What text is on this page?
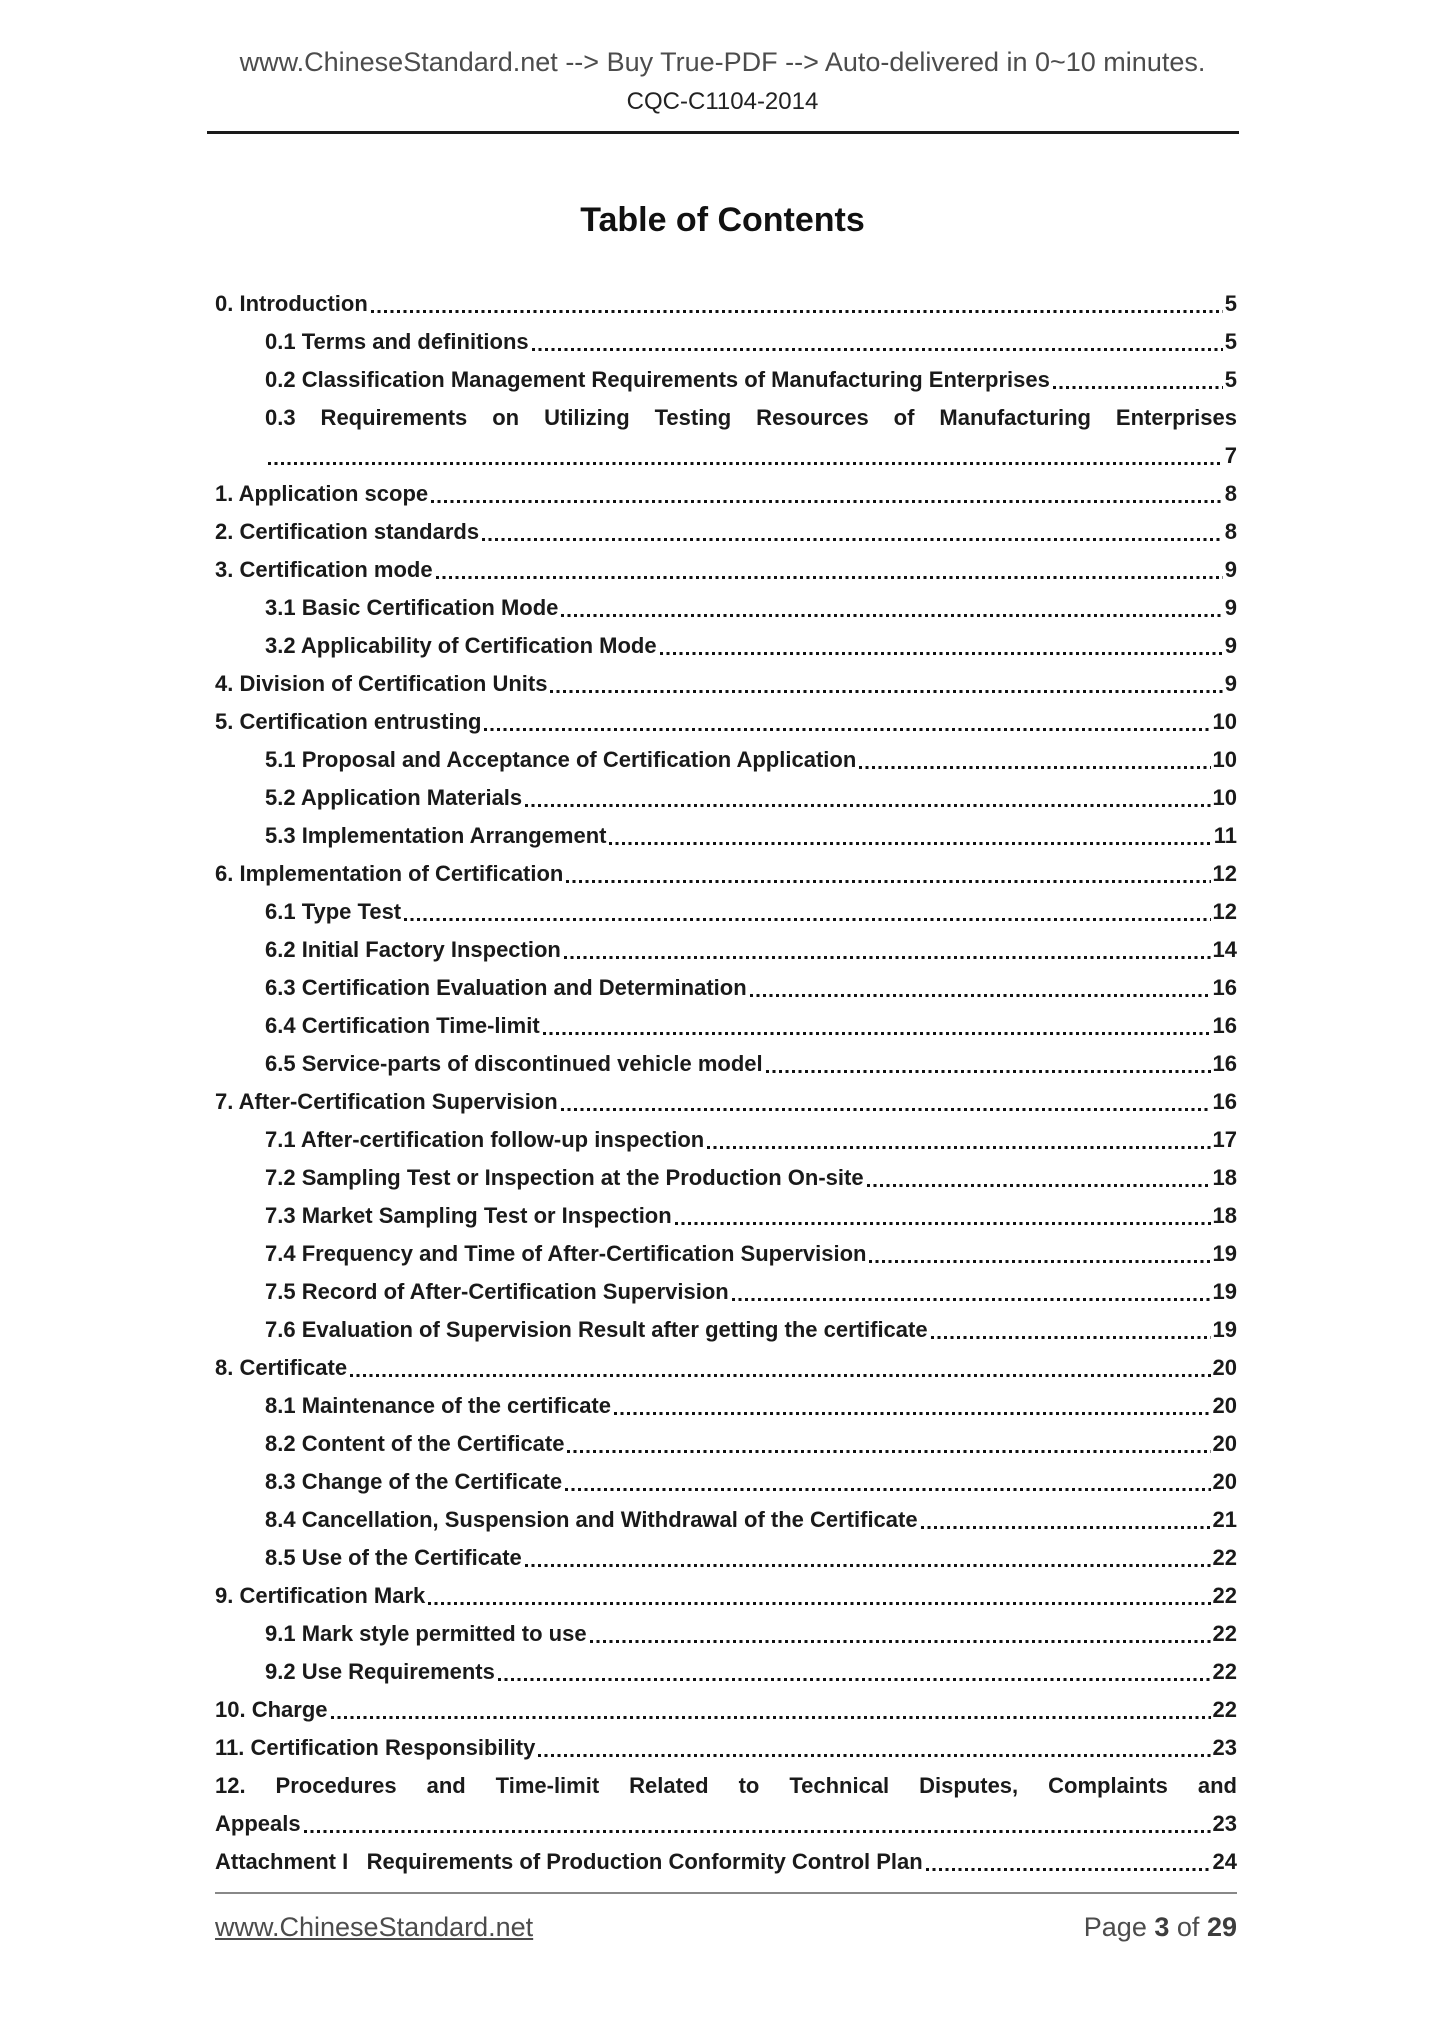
www.ChineseStandard.net --> Buy True-PDF --> Auto-delivered in 0~10 minutes.
CQC-C1104-2014
Table of Contents
0. Introduction	5
0.1 Terms and definitions	5
0.2 Classification Management Requirements of Manufacturing Enterprises	5
0.3 Requirements on Utilizing Testing Resources of Manufacturing Enterprises
7
1. Application scope	8
2. Certification standards	8
3. Certification mode	9
3.1 Basic Certification Mode	9
3.2 Applicability of Certification Mode	9
4. Division of Certification Units	9
5. Certification entrusting	10
5.1 Proposal and Acceptance of Certification Application	10
5.2 Application Materials	10
5.3 Implementation Arrangement	11
6. Implementation of Certification	12
6.1 Type Test	12
6.2 Initial Factory Inspection	14
6.3 Certification Evaluation and Determination	16
6.4 Certification Time-limit	16
6.5 Service-parts of discontinued vehicle model	16
7. After-Certification Supervision	16
7.1 After-certification follow-up inspection	17
7.2 Sampling Test or Inspection at the Production On-site	18
7.3 Market Sampling Test or Inspection	18
7.4 Frequency and Time of After-Certification Supervision	19
7.5 Record of After-Certification Supervision	19
7.6 Evaluation of Supervision Result after getting the certificate	19
8. Certificate	20
8.1 Maintenance of the certificate	20
8.2 Content of the Certificate	20
8.3 Change of the Certificate	20
8.4 Cancellation, Suspension and Withdrawal of the Certificate	21
8.5 Use of the Certificate	22
9. Certification Mark	22
9.1 Mark style permitted to use	22
9.2 Use Requirements	22
10. Charge	22
11. Certification Responsibility	23
12. Procedures and Time-limit Related to Technical Disputes, Complaints and
Appeals	23
Attachment I   Requirements of Production Conformity Control Plan	24
www.ChineseStandard.net	Page 3 of 29
